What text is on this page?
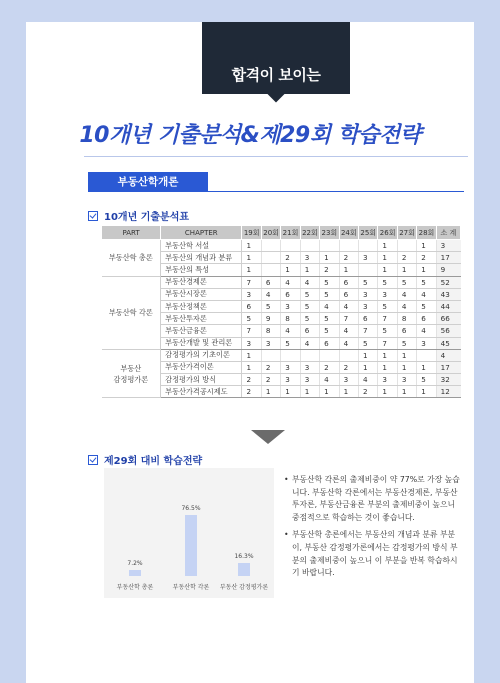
합격이 보이는
10개년 기출분석&제29회 학습전략
부동산학개론
10개년 기출분석표
PART	CHAPTER	19회	20회	21회	22회	23회	24회	25회	26회	27회	28회	소 계
부동산학 총론	부동산학 서설	1							1		1	3
	부동산의 개념과 분류	1		2	3	1	2	3	1	2	2	17
	부동산의 특성	1		1	1	2	1		1	1	1	9
부동산학 각론	부동산경제론	7	6	4	4	5	6	5	5	5	5	52
	부동산시장론	3	4	6	5	5	6	3	3	4	4	43
	부동산정책론	6	5	3	5	4	4	3	5	4	5	44
	부동산투자론	5	9	8	5	5	7	6	7	8	6	66
	부동산금융론	7	8	4	6	5	4	7	5	6	4	56
	부동산개발 및 관리론	3	3	5	4	6	4	5	7	5	3	45
부동산
감정평가론	감정평가의 기초이론	1						1	1	1		4
	부동산가격이론	1	2	3	3	2	2	1	1	1	1	17
	감정평가의 방식	2	2	3	3	4	3	4	3	3	5	32
	부동산가격공시제도	2	1	1	1	1	1	2	1	1	1	12
제29회 대비 학습전략
7.2%
부동산학 총론
76.5%
부동산학 각론
16.3%
부동산 감정평가론
• 부동산학 각론의 출제비중이 약 77%로 가장 높습니다. 부동산학 각론에서는 부동산경제론, 부동산투자론, 부동산금융론 부분의 출제비중이 높으니 중점적으로 학습하는 것이 좋습니다.
• 부동산학 총론에서는 부동산의 개념과 분류 부분이, 부동산 감정평가론에서는 감정평가의 방식 부분의 출제비중이 높으니 이 부분을 반복 학습하시기 바랍니다.
